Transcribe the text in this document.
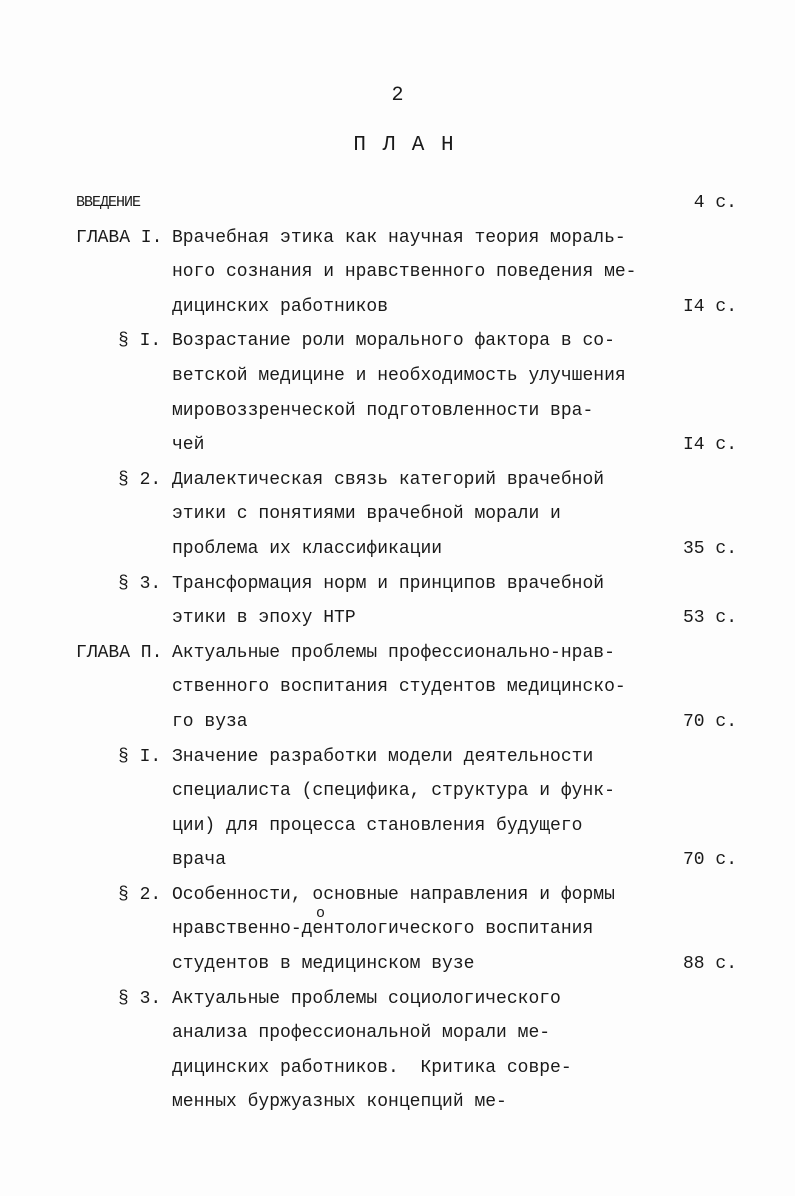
2
П Л А Н
ВВЕДЕНИЕ	4 с.
ГЛАВА I. Врачебная этика как научная теория мораль-
ного сознания и нравственного поведения ме-
дицинских работников	I4 с.
§ I. Возрастание роли морального фактора в со-
ветской медицине и необходимость улучшения
мировоззренческой подготовленности вра-
чей	I4 с.
§ 2. Диалектическая связь категорий врачебной
этики с понятиями врачебной морали и
проблема их классификации	35 с.
§ 3. Трансформация норм и принципов врачебной
этики в эпоху НТР	53 с.
ГЛАВА П. Актуальные проблемы профессионально-нрав-
ственного воспитания студентов медицинско-
го вуза	70 с.
§ I. Значение разработки модели деятельности
специалиста (специфика, структура и функ-
ции) для процесса становления будущего
врача	70 с.
§ 2. Особенности, основные направления и формы
нравственно-дентологического воспитания
студентов в медицинском вузе	88 с.
§ 3. Актуальные проблемы социологического
анализа профессиональной морали ме-
дицинских работников.  Критика совре-
менных буржуазных концепций ме-
о
